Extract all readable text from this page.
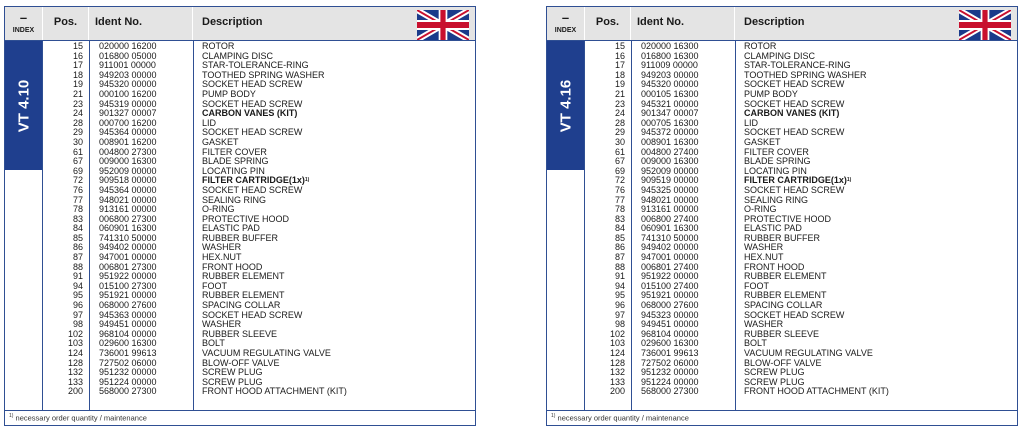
–
INDEX
Pos.	Ident No.	Description
VT 4.10
15 020000 16200	ROTOR
16 016800 05000	CLAMPING DISC
17 911001 00000	STAR-TOLERANCE-RING
18 949203 00000	TOOTHED SPRING WASHER
19 945320 00000	SOCKET HEAD SCREW
21 000100 16200	PUMP BODY
23 945319 00000	SOCKET HEAD SCREW
24 901327 00007	CARBON VANES (KIT)
28 000700 16200	LID
29 945364 00000	SOCKET HEAD SCREW
30 008901 16200	GASKET
61 004800 27300	FILTER COVER
67 009000 16300	BLADE SPRING
69 952009 00000	LOCATING PIN
72 909518 00000	FILTER $CARTRIDGE(1x)^{1)}$
76 945364 00000	SOCKET HEAD SCREW
77 948021 00000	SEALING RING
78 913161 00000	O-RING
83 006800 27300	PROTECTIVE HOOD
84 060901 16300	ELASTIC PAD
85 741310 50000	RUBBER BUFFER
86 949402 00000	WASHER
87 947001 00000	HEX.NUT
88 006801 27300	FRONT HOOD
91 951922 00000	RUBBER ELEMENT
94 015100 27300	FOOT
95 951921 00000	RUBBER ELEMENT
96 068000 27600	SPACING COLLAR
97 945363 00000	SOCKET HEAD SCREW
98 949451 00000	WASHER
102 968104 00000	RUBBER SLEEVE
103 029600 16300	BOLT
124 736001 99613	VACUUM REGULATING VALVE
128 727502 06000	BLOW-OFF VALVE
132 951232 00000	SCREW PLUG
133 951224 00000	SCREW PLUG
200 568000 27300	FRONT HOOD ATTACHMENT (KIT)
$^{1)}$ necessary order quantity / maintenance
–
INDEX
Pos.	Ident No.	Description
VT 4.16
15 020000 16300	ROTOR
16 016800 16300	CLAMPING DISC
17 911009 00000	STAR-TOLERANCE-RING
18 949203 00000	TOOTHED SPRING WASHER
19 945320 00000	SOCKET HEAD SCREW
21 000105 16300	PUMP BODY
23 945321 00000	SOCKET HEAD SCREW
24 901347 00007	CARBON VANES (KIT)
28 000705 16300	LID
29 945372 00000	SOCKET HEAD SCREW
30 008901 16300	GASKET
61 004800 27400	FILTER COVER
67 009000 16300	BLADE SPRING
69 952009 00000	LOCATING PIN
72 909519 00000	FILTER $CARTRIDGE(1x)^{1)}$
76 945325 00000	SOCKET HEAD SCREW
77 948021 00000	SEALING RING
78 913161 00000	O-RING
83 006800 27400	PROTECTIVE HOOD
84 060901 16300	ELASTIC PAD
85 741310 50000	RUBBER BUFFER
86 949402 00000	WASHER
87 947001 00000	HEX.NUT
88 006801 27400	FRONT HOOD
91 951922 00000	RUBBER ELEMENT
94 015100 27400	FOOT
95 951921 00000	RUBBER ELEMENT
96 068000 27600	SPACING COLLAR
97 945323 00000	SOCKET HEAD SCREW
98 949451 00000	WASHER
102 968104 00000	RUBBER SLEEVE
103 029600 16300	BOLT
124 736001 99613	VACUUM REGULATING VALVE
128 727502 06000	BLOW-OFF VALVE
132 951232 00000	SCREW PLUG
133 951224 00000	SCREW PLUG
200 568000 27300	FRONT HOOD ATTACHMENT (KIT)
$^{1)}$ necessary order quantity / maintenance
